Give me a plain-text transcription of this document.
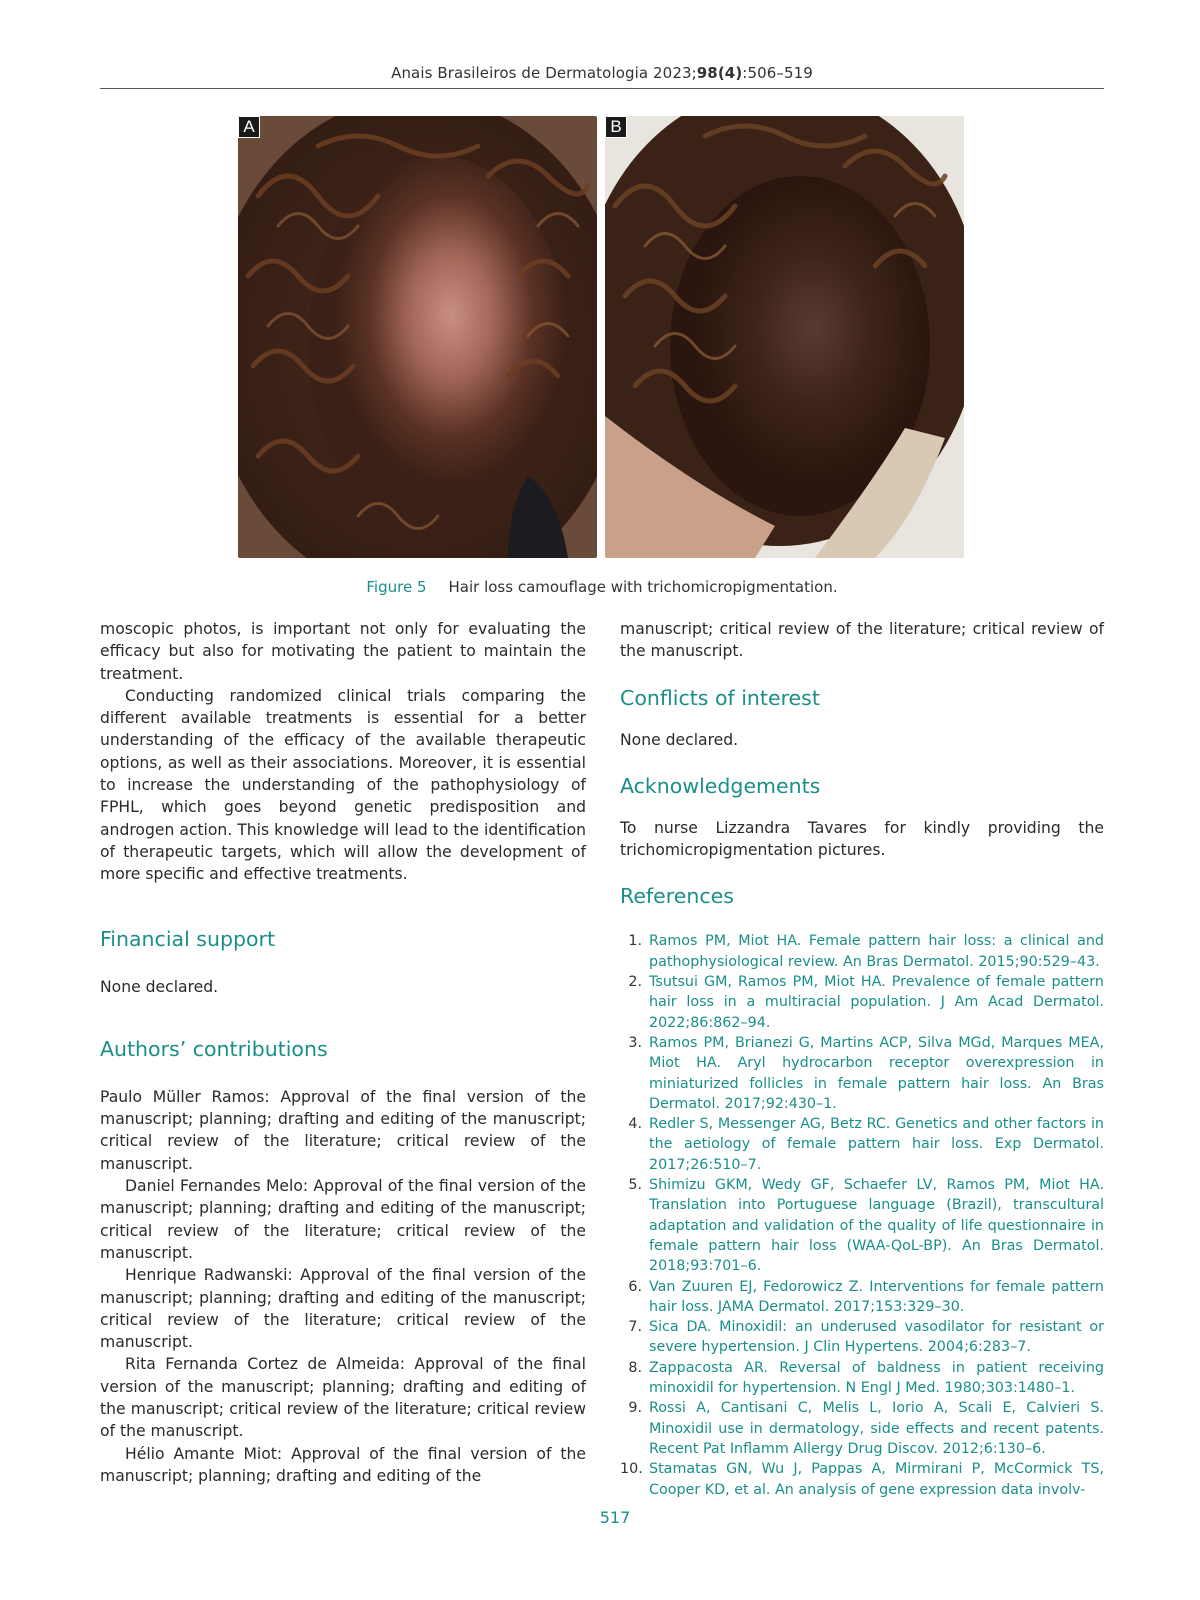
Anais Brasileiros de Dermatologia 2023;98(4):506–519
A	B
Figure 5 Hair loss camouflage with trichomicropigmentation.

moscopic photos, is important not only for evaluating the efficacy but also for motivating the patient to maintain the treatment.

Conducting randomized clinical trials comparing the different available treatments is essential for a better understanding of the efficacy of the available therapeutic options, as well as their associations. Moreover, it is essential to increase the understanding of the pathophysiology of FPHL, which goes beyond genetic predisposition and androgen action. This knowledge will lead to the identification of therapeutic targets, which will allow the development of more specific and effective treatments.

Financial support

None declared.

Authors’ contributions

Paulo Müller Ramos: Approval of the final version of the manuscript; planning; drafting and editing of the manuscript; critical review of the literature; critical review of the manuscript.

Daniel Fernandes Melo: Approval of the final version of the manuscript; planning; drafting and editing of the manuscript; critical review of the literature; critical review of the manuscript.

Henrique Radwanski: Approval of the final version of the manuscript; planning; drafting and editing of the manuscript; critical review of the literature; critical review of the manuscript.

Rita Fernanda Cortez de Almeida: Approval of the final version of the manuscript; planning; drafting and editing of the manuscript; critical review of the literature; critical review of the manuscript.

Hélio Amante Miot: Approval of the final version of the manuscript; planning; drafting and editing of the

manuscript; critical review of the literature; critical review of the manuscript.

Conflicts of interest

None declared.

Acknowledgements

To nurse Lizzandra Tavares for kindly providing the trichomicropigmentation pictures.

References
1. Ramos PM, Miot HA. Female pattern hair loss: a clinical and pathophysiological review. An Bras Dermatol. 2015;90:529–43.
2. Tsutsui GM, Ramos PM, Miot HA. Prevalence of female pattern hair loss in a multiracial population. J Am Acad Dermatol. 2022;86:862–94.
3. Ramos PM, Brianezi G, Martins ACP, Silva MGd, Marques MEA, Miot HA. Aryl hydrocarbon receptor overexpression in miniaturized follicles in female pattern hair loss. An Bras Dermatol. 2017;92:430–1.
4. Redler S, Messenger AG, Betz RC. Genetics and other factors in the aetiology of female pattern hair loss. Exp Dermatol. 2017;26:510–7.
5. Shimizu GKM, Wedy GF, Schaefer LV, Ramos PM, Miot HA. Translation into Portuguese language (Brazil), transcultural adaptation and validation of the quality of life questionnaire in female pattern hair loss (WAA-QoL-BP). An Bras Dermatol. 2018;93:701–6.
6. Van Zuuren EJ, Fedorowicz Z. Interventions for female pattern hair loss. JAMA Dermatol. 2017;153:329–30.
7. Sica DA. Minoxidil: an underused vasodilator for resistant or severe hypertension. J Clin Hypertens. 2004;6:283–7.
8. Zappacosta AR. Reversal of baldness in patient receiving minoxidil for hypertension. N Engl J Med. 1980;303:1480–1.
9. Rossi A, Cantisani C, Melis L, Iorio A, Scali E, Calvieri S. Minoxidil use in dermatology, side effects and recent patents. Recent Pat Inflamm Allergy Drug Discov. 2012;6:130–6.
10. Stamatas GN, Wu J, Pappas A, Mirmirani P, McCormick TS, Cooper KD, et al. An analysis of gene expression data involv-
517
